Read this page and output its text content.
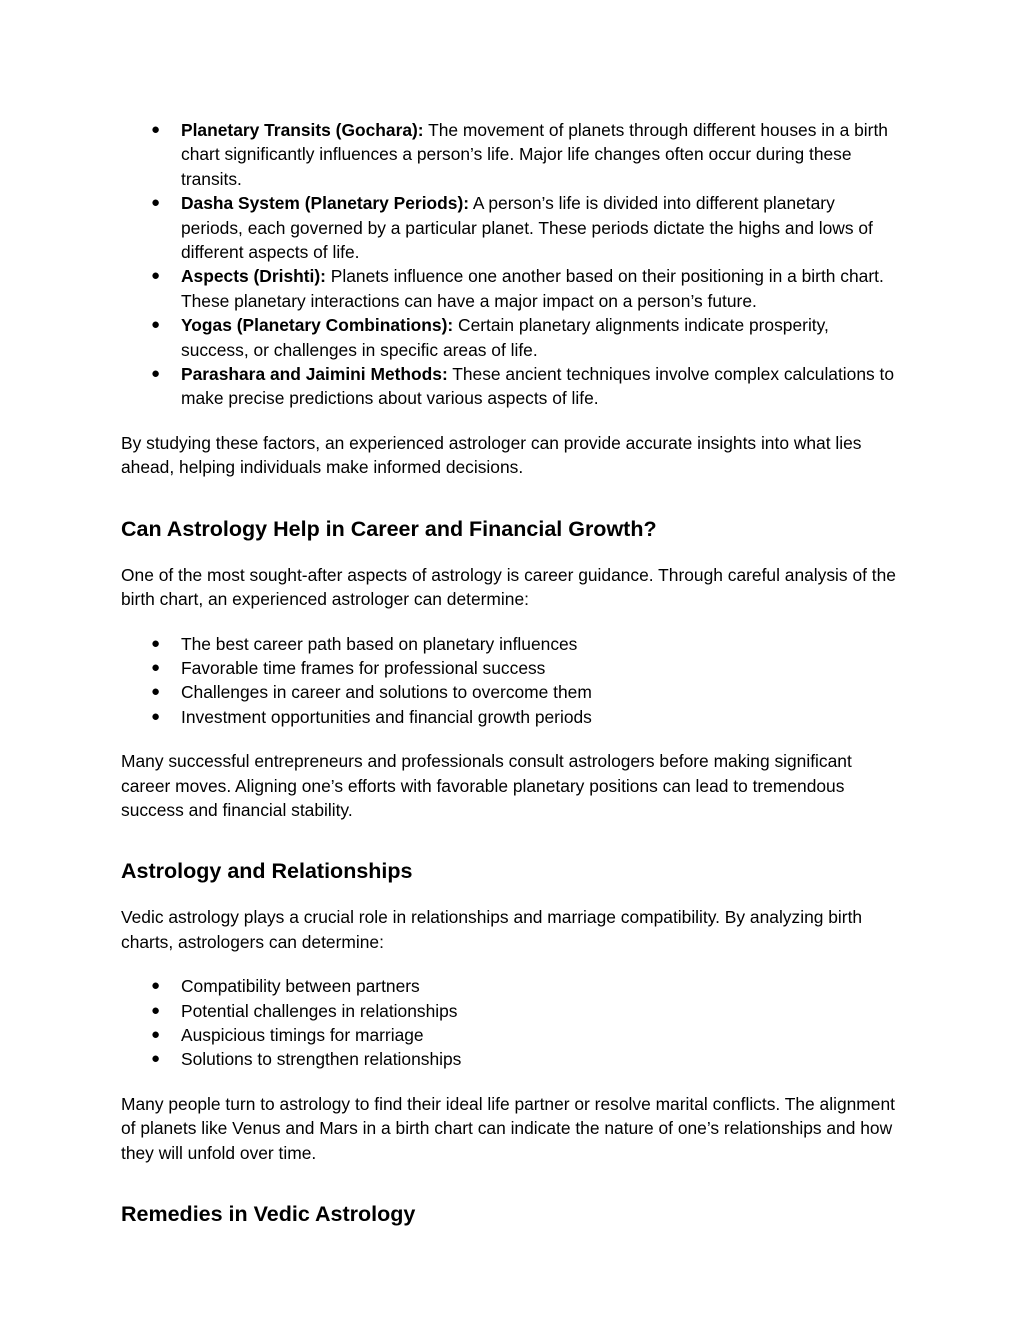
● Planetary Transits (Gochara): The movement of planets through different houses in a birth chart significantly influences a person’s life. Major life changes often occur during these transits.
● Dasha System (Planetary Periods): A person’s life is divided into different planetary periods, each governed by a particular planet. These periods dictate the highs and lows of different aspects of life.
● Aspects (Drishti): Planets influence one another based on their positioning in a birth chart. These planetary interactions can have a major impact on a person’s future.
● Yogas (Planetary Combinations): Certain planetary alignments indicate prosperity, success, or challenges in specific areas of life.
● Parashara and Jaimini Methods: These ancient techniques involve complex calculations to make precise predictions about various aspects of life.

By studying these factors, an experienced astrologer can provide accurate insights into what lies ahead, helping individuals make informed decisions.

Can Astrology Help in Career and Financial Growth?

One of the most sought-after aspects of astrology is career guidance. Through careful analysis of the birth chart, an experienced astrologer can determine:

● The best career path based on planetary influences
● Favorable time frames for professional success
● Challenges in career and solutions to overcome them
● Investment opportunities and financial growth periods

Many successful entrepreneurs and professionals consult astrologers before making significant career moves. Aligning one’s efforts with favorable planetary positions can lead to tremendous success and financial stability.

Astrology and Relationships

Vedic astrology plays a crucial role in relationships and marriage compatibility. By analyzing birth charts, astrologers can determine:

● Compatibility between partners
● Potential challenges in relationships
● Auspicious timings for marriage
● Solutions to strengthen relationships

Many people turn to astrology to find their ideal life partner or resolve marital conflicts. The alignment of planets like Venus and Mars in a birth chart can indicate the nature of one’s relationships and how they will unfold over time.

Remedies in Vedic Astrology
